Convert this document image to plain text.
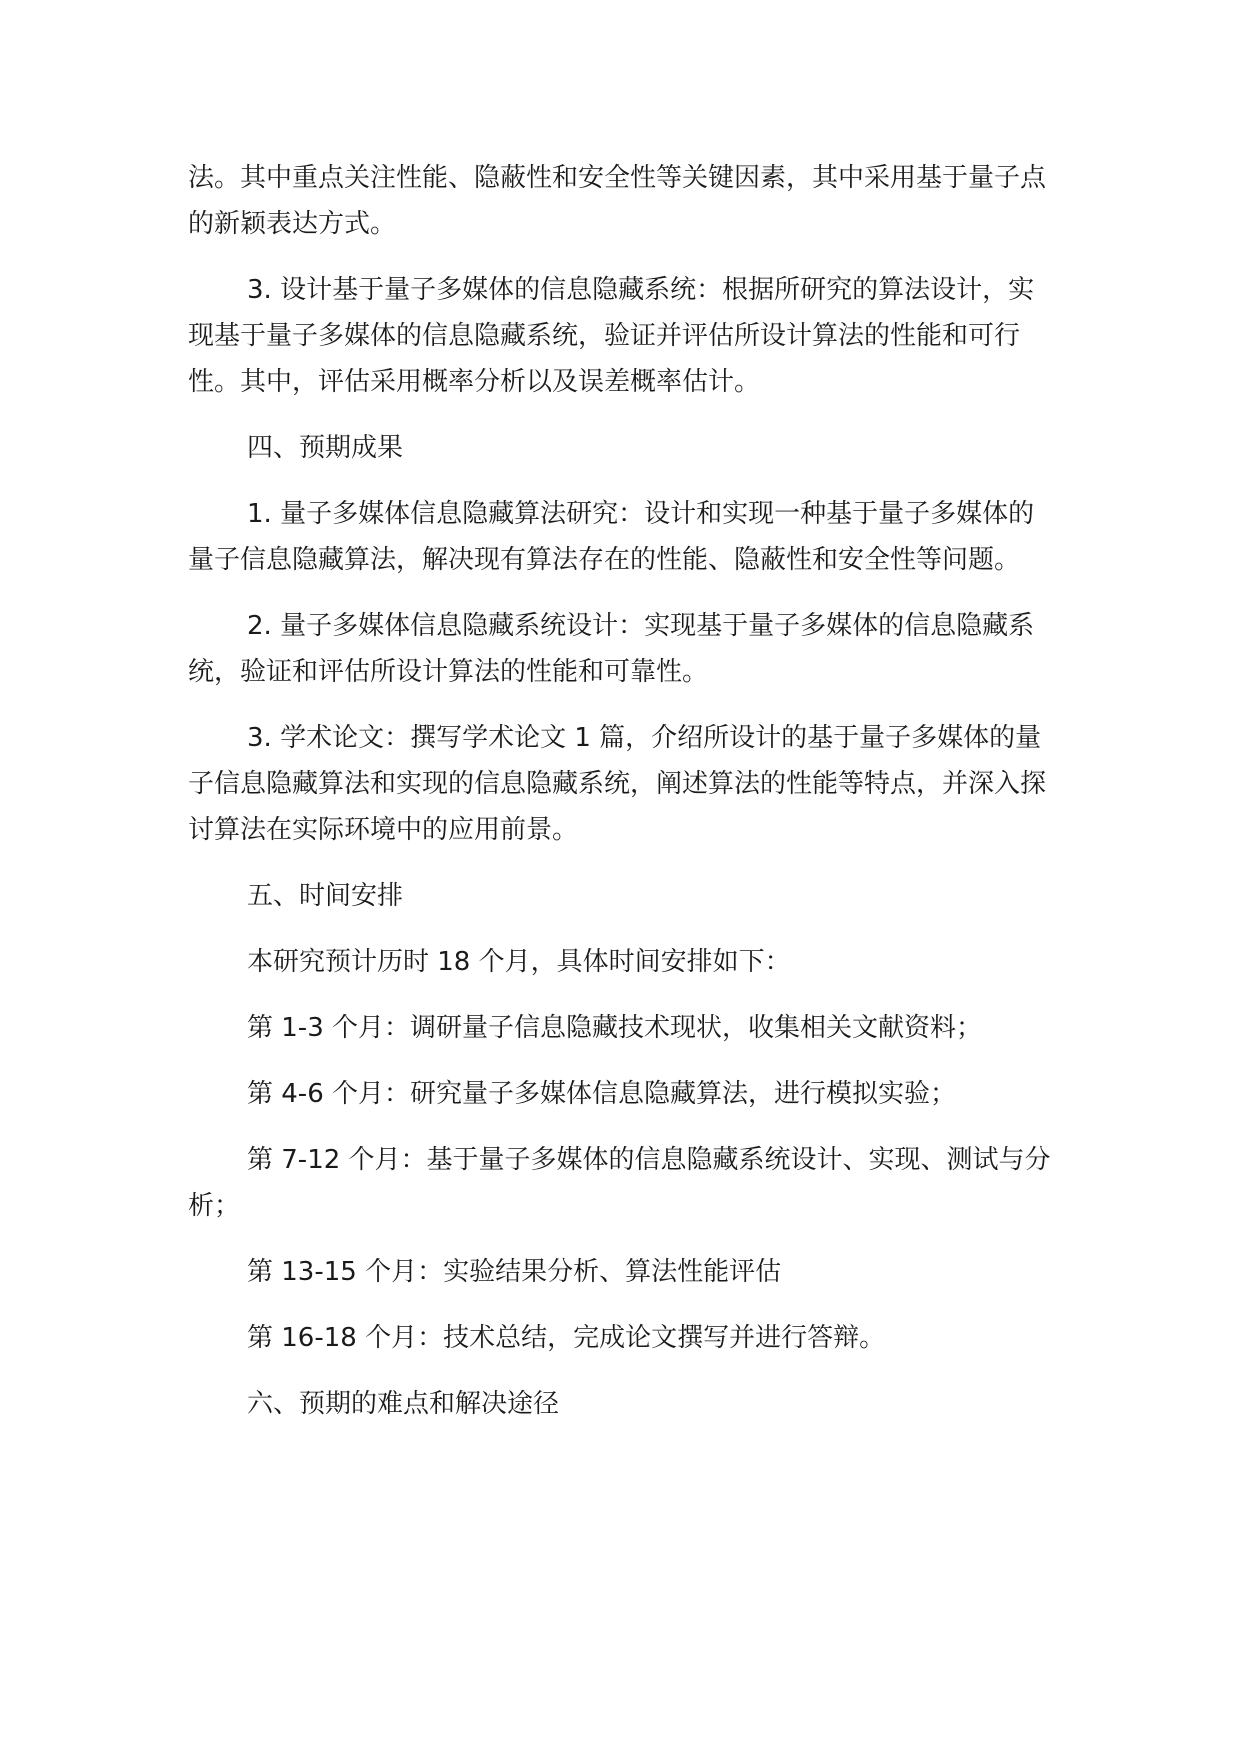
法。其中重点关注性能、隐蔽性和安全性等关键因素，其中采用基于量子点的新颖表达方式。

3. 设计基于量子多媒体的信息隐藏系统：根据所研究的算法设计，实现基于量子多媒体的信息隐藏系统，验证并评估所设计算法的性能和可行性。其中，评估采用概率分析以及误差概率估计。

四、预期成果

1. 量子多媒体信息隐藏算法研究：设计和实现一种基于量子多媒体的量子信息隐藏算法，解决现有算法存在的性能、隐蔽性和安全性等问题。

2. 量子多媒体信息隐藏系统设计：实现基于量子多媒体的信息隐藏系统，验证和评估所设计算法的性能和可靠性。

3. 学术论文：撰写学术论文 1 篇，介绍所设计的基于量子多媒体的量子信息隐藏算法和实现的信息隐藏系统，阐述算法的性能等特点，并深入探讨算法在实际环境中的应用前景。

五、时间安排

本研究预计历时 18 个月，具体时间安排如下：

第 1-3 个月：调研量子信息隐藏技术现状，收集相关文献资料；

第 4-6 个月：研究量子多媒体信息隐藏算法，进行模拟实验；

第 7-12 个月：基于量子多媒体的信息隐藏系统设计、实现、测试与分析；

第 13-15 个月：实验结果分析、算法性能评估

第 16-18 个月：技术总结，完成论文撰写并进行答辩。

六、预期的难点和解决途径
